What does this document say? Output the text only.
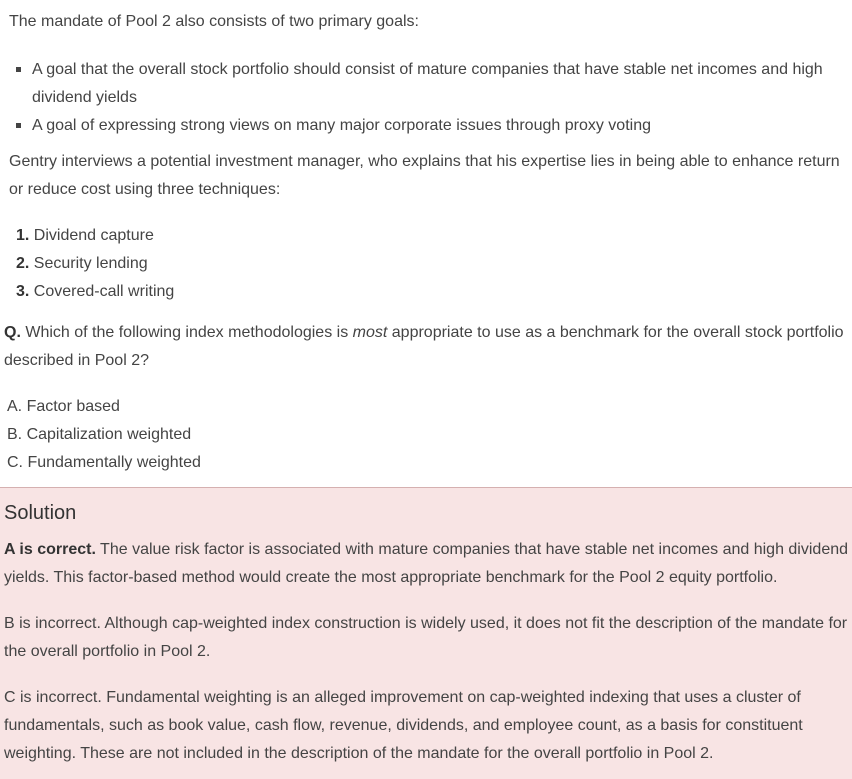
The mandate of Pool 2 also consists of two primary goals:
A goal that the overall stock portfolio should consist of mature companies that have stable net incomes and high dividend yields
A goal of expressing strong views on many major corporate issues through proxy voting
Gentry interviews a potential investment manager, who explains that his expertise lies in being able to enhance return or reduce cost using three techniques:
1. Dividend capture
2. Security lending
3. Covered-call writing
Q. Which of the following index methodologies is most appropriate to use as a benchmark for the overall stock portfolio described in Pool 2?
A. Factor based
B. Capitalization weighted
C. Fundamentally weighted
Solution
A is correct. The value risk factor is associated with mature companies that have stable net incomes and high dividend yields. This factor-based method would create the most appropriate benchmark for the Pool 2 equity portfolio.
B is incorrect. Although cap-weighted index construction is widely used, it does not fit the description of the mandate for the overall portfolio in Pool 2.
C is incorrect. Fundamental weighting is an alleged improvement on cap-weighted indexing that uses a cluster of fundamentals, such as book value, cash flow, revenue, dividends, and employee count, as a basis for constituent weighting. These are not included in the description of the mandate for the overall portfolio in Pool 2.
